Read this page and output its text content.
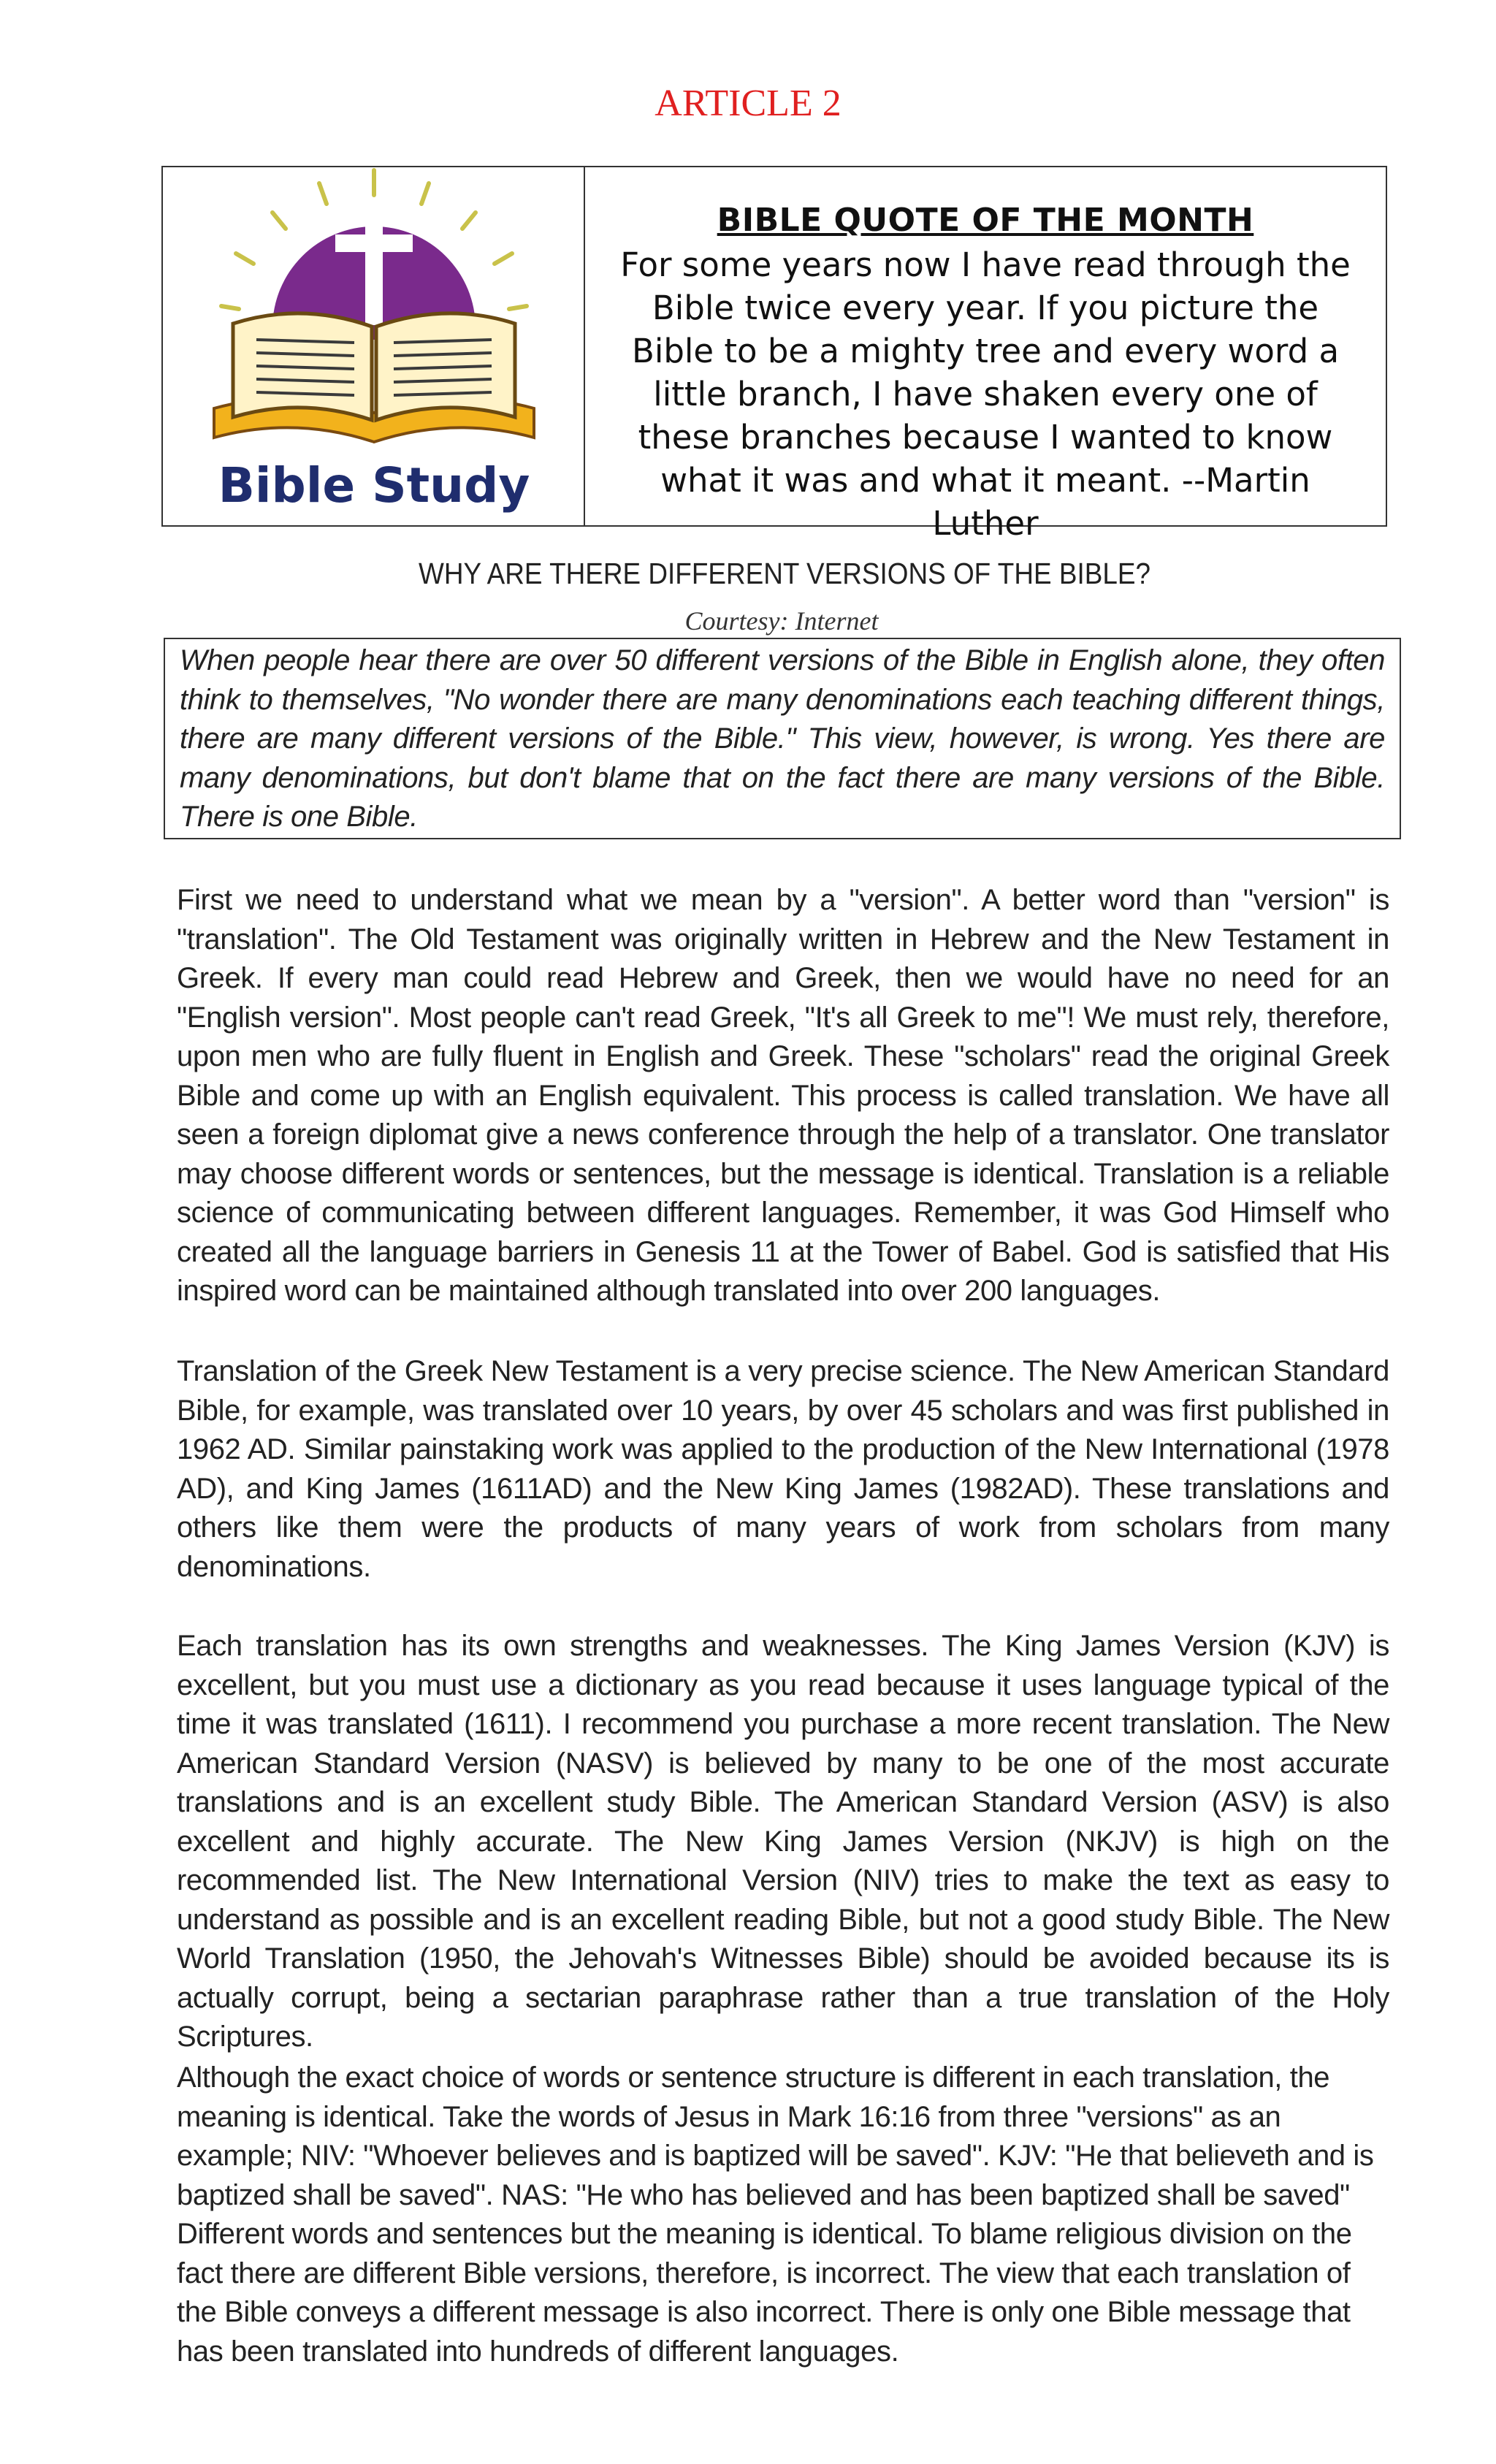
ARTICLE 2
Bible Study
BIBLE QUOTE OF THE MONTH
For some years now I have read through the Bible twice every year. If you picture the Bible to be a mighty tree and every word a little branch, I have shaken every one of these branches because I wanted to know what it was and what it meant. --Martin Luther
WHY ARE THERE DIFFERENT VERSIONS OF THE BIBLE?
Courtesy: Internet
When people hear there are over 50 different versions of the Bible in English alone, they often think to themselves, "No wonder there are many denominations each teaching different things, there are many different versions of the Bible." This view, however, is wrong. Yes there are many denominations, but don't blame that on the fact there are many versions of the Bible. There is one Bible.
First we need to understand what we mean by a "version". A better word than "version" is "translation". The Old Testament was originally written in Hebrew and the New Testament in Greek. If every man could read Hebrew and Greek, then we would have no need for an "English version". Most people can't read Greek, "It's all Greek to me"! We must rely, therefore, upon men who are fully fluent in English and Greek. These "scholars" read the original Greek Bible and come up with an English equivalent. This process is called translation. We have all seen a foreign diplomat give a news conference through the help of a translator. One translator may choose different words or sentences, but the message is identical. Translation is a reliable science of communicating between different languages. Remember, it was God Himself who created all the language barriers in Genesis 11 at the Tower of Babel. God is satisfied that His inspired word can be maintained although translated into over 200 languages.
Translation of the Greek New Testament is a very precise science. The New American Standard Bible, for example, was translated over 10 years, by over 45 scholars and was first published in 1962 AD. Similar painstaking work was applied to the production of the New International (1978 AD), and King James (1611AD) and the New King James (1982AD). These translations and others like them were the products of many years of work from scholars from many denominations.
Each translation has its own strengths and weaknesses. The King James Version (KJV) is excellent, but you must use a dictionary as you read because it uses language typical of the time it was translated (1611). I recommend you purchase a more recent translation. The New American Standard Version (NASV) is believed by many to be one of the most accurate translations and is an excellent study Bible. The American Standard Version (ASV) is also excellent and highly accurate. The New King James Version (NKJV) is high on the recommended list. The New International Version (NIV) tries to make the text as easy to understand as possible and is an excellent reading Bible, but not a good study Bible. The New World Translation (1950, the Jehovah's Witnesses Bible) should be avoided because its is actually corrupt, being a sectarian paraphrase rather than a true translation of the Holy Scriptures.
Although the exact choice of words or sentence structure is different in each translation, the meaning is identical. Take the words of Jesus in Mark 16:16 from three "versions" as an example; NIV: "Whoever believes and is baptized will be saved". KJV: "He that believeth and is baptized shall be saved". NAS: "He who has believed and has been baptized shall be saved" Different words and sentences but the meaning is identical. To blame religious division on the fact there are different Bible versions, therefore, is incorrect. The view that each translation of the Bible conveys a different message is also incorrect. There is only one Bible message that has been translated into hundreds of different languages.
